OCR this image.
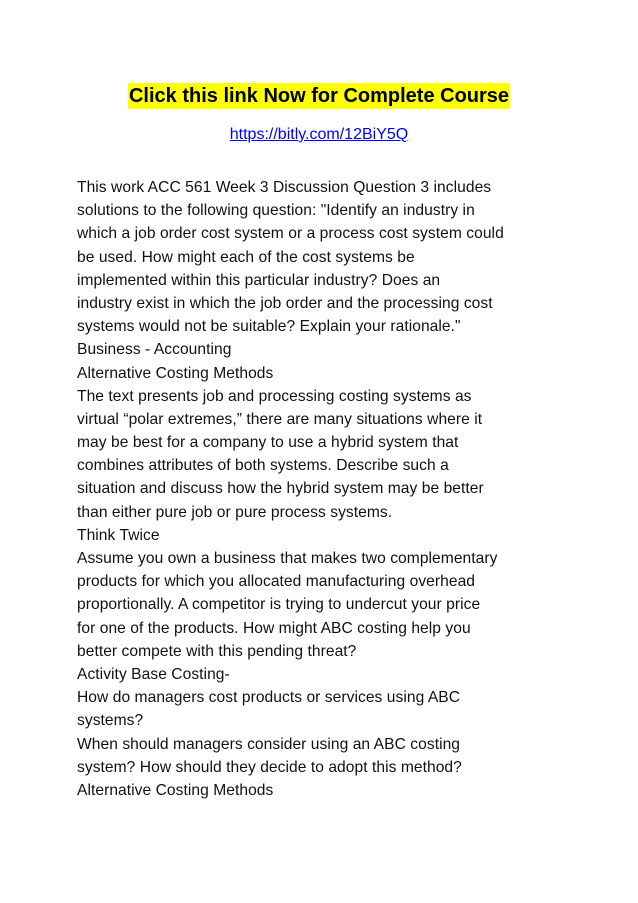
Click this link Now for Complete Course
https://bitly.com/12BiY5Q
This work ACC 561 Week 3 Discussion Question 3 includes
solutions to the following question: "Identify an industry in
which a job order cost system or a process cost system could
be used. How might each of the cost systems be
implemented within this particular industry? Does an
industry exist in which the job order and the processing cost
systems would not be suitable? Explain your rationale."
Business - Accounting
Alternative Costing Methods
The text presents job and processing costing systems as
virtual “polar extremes,” there are many situations where it
may be best for a company to use a hybrid system that
combines attributes of both systems. Describe such a
situation and discuss how the hybrid system may be better
than either pure job or pure process systems.
Think Twice
Assume you own a business that makes two complementary
products for which you allocated manufacturing overhead
proportionally. A competitor is trying to undercut your price
for one of the products. How might ABC costing help you
better compete with this pending threat?
Activity Base Costing-
How do managers cost products or services using ABC
systems?
When should managers consider using an ABC costing
system? How should they decide to adopt this method?
Alternative Costing Methods
